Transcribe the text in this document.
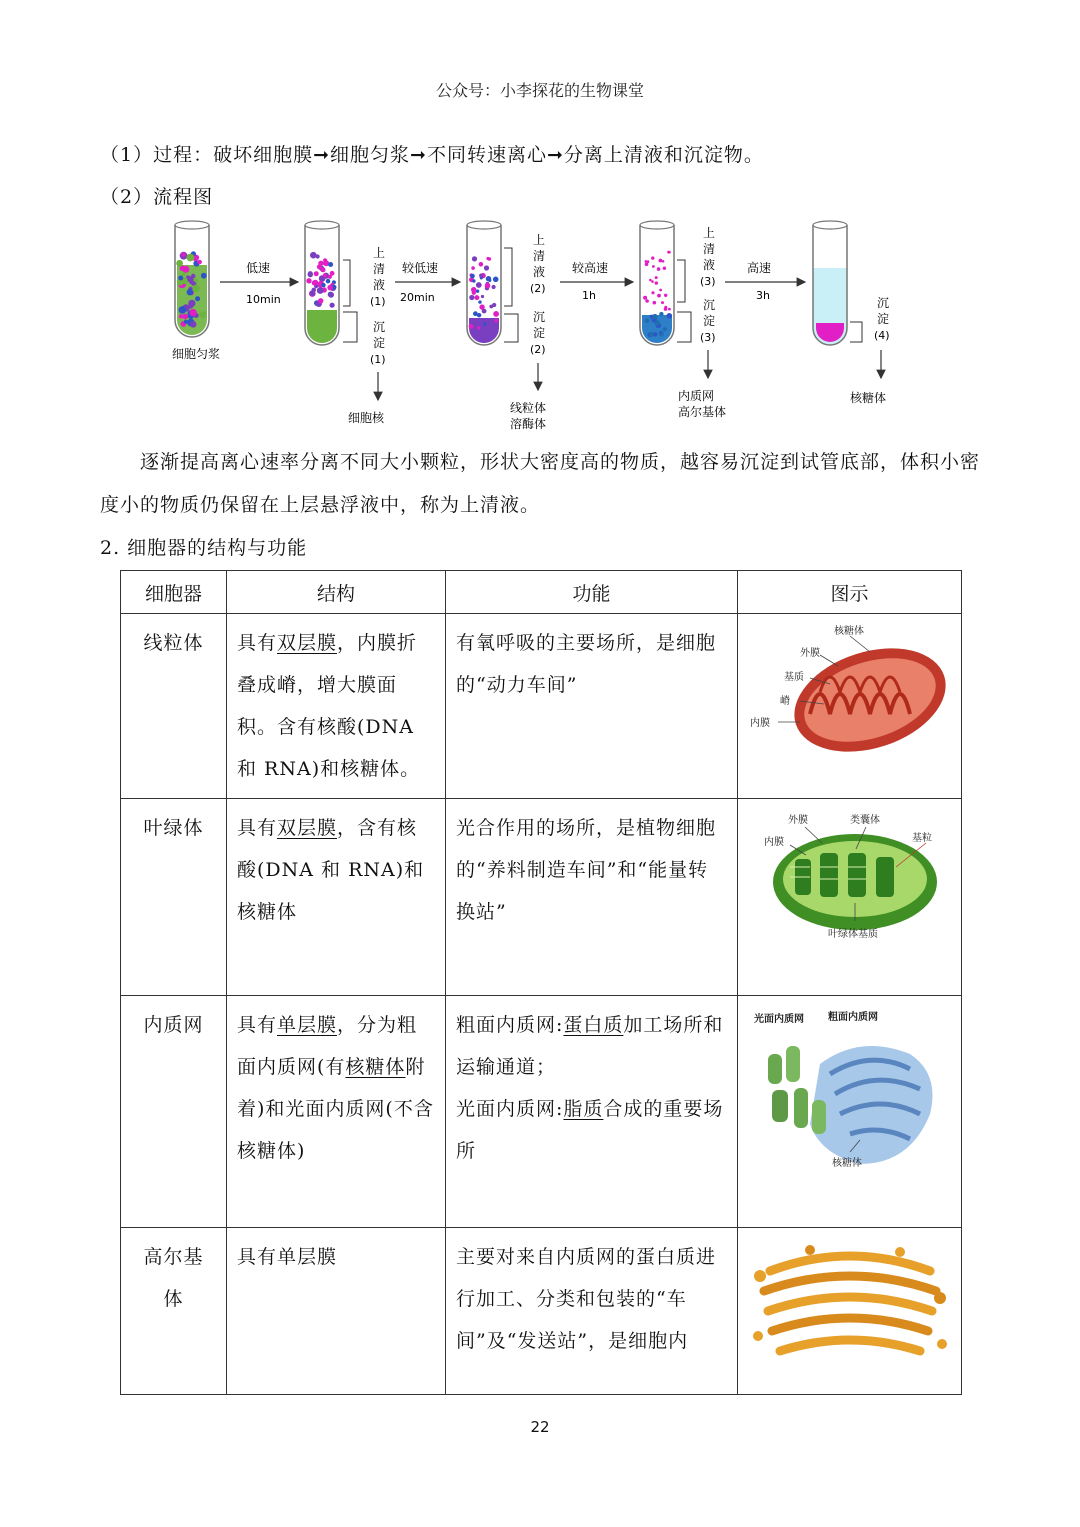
公众号：小李探花的生物课堂
（1）过程：破坏细胞膜➞细胞匀浆➞不同转速离心➞分离上清液和沉淀物。
（2）流程图
细胞匀浆
低速
10min
上
清
液
(1)
沉
淀
(1)
细胞核
较低速
20min
上
清
液
(2)
沉
淀
(2)
线粒体
溶酶体
较高速
1h
上
清
液
(3)
沉
淀
(3)
内质网
高尔基体
高速
3h
沉
淀
(4)
核糖体
逐渐提高离心速率分离不同大小颗粒，形状大密度高的物质，越容易沉淀到试管底部，体积小密度小的物质仍保留在上层悬浮液中，称为上清液。
2. 细胞器的结构与功能
细胞器	结构	功能	图示

线粒体	具有双层膜，内膜折叠成嵴，增大膜面积。含有核酸(DNA 和 RNA)和核糖体。	有氧呼吸的主要场所，是细胞的“动力车间”	核糖体
外膜
基质
嵴
内膜

叶绿体	具有双层膜，含有核酸(DNA 和 RNA)和核糖体	光合作用的场所，是植物细胞的“养料制造车间”和“能量转换站”	外膜 类囊体
内膜 基粒
叶绿体基质

内质网	具有单层膜，分为粗面内质网(有核糖体附着)和光面内质网(不含核糖体)	粗面内质网:蛋白质加工场所和运输通道；
光面内质网:脂质合成的重要场所	光面内质网 粗面内质网
核糖体

高尔基体	具有单层膜	主要对来自内质网的蛋白质进行加工、分类和包装的“车间”及“发送站”，是细胞内

22
